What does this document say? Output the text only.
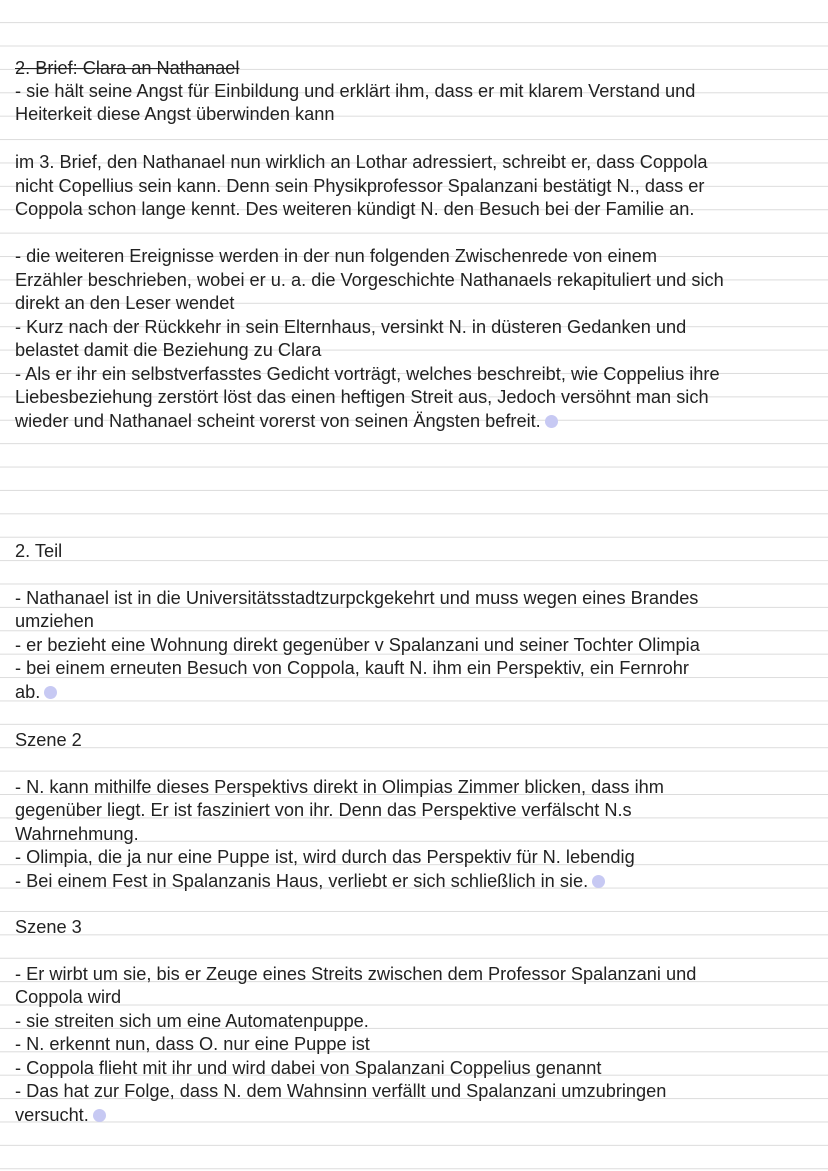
2. Brief: Clara an Nathanael
- sie hält seine Angst für Einbildung und erklärt ihm, dass er mit klarem Verstand und
Heiterkeit diese Angst überwinden kann
im 3. Brief, den Nathanael nun wirklich an Lothar adressiert, schreibt er, dass Coppola
nicht Copellius sein kann. Denn sein Physikprofessor Spalanzani bestätigt N., dass er
Coppola schon lange kennt. Des weiteren kündigt N. den Besuch bei der Familie an.
- die weiteren Ereignisse werden in der nun folgenden Zwischenrede von einem
Erzähler beschrieben, wobei er u. a. die Vorgeschichte Nathanaels rekapituliert und sich
direkt an den Leser wendet
- Kurz nach der Rückkehr in sein Elternhaus, versinkt N. in düsteren Gedanken und
belastet damit die Beziehung zu Clara
- Als er ihr ein selbstverfasstes Gedicht vorträgt, welches beschreibt, wie Coppelius ihre
Liebesbeziehung zerstört löst das einen heftigen Streit aus, Jedoch versöhnt man sich
wieder und Nathanael scheint vorerst von seinen Ängsten befreit.
2. Teil
- Nathanael ist in die Universitätsstadtzurpckgekehrt und muss wegen eines Brandes
umziehen
- er bezieht eine Wohnung direkt gegenüber v Spalanzani und seiner Tochter Olimpia
- bei einem erneuten Besuch von Coppola, kauft N. ihm ein Perspektiv, ein Fernrohr
ab.
Szene 2
- N. kann mithilfe dieses Perspektivs direkt in Olimpias Zimmer blicken, dass ihm
gegenüber liegt. Er ist fasziniert von ihr. Denn das Perspektive verfälscht N.s
Wahrnehmung.
- Olimpia, die ja nur eine Puppe ist, wird durch das Perspektiv für N. lebendig
- Bei einem Fest in Spalanzanis Haus, verliebt er sich schließlich in sie.
Szene 3
- Er wirbt um sie, bis er Zeuge eines Streits zwischen dem Professor Spalanzani und
Coppola wird
- sie streiten sich um eine Automatenpuppe.
- N. erkennt nun, dass O. nur eine Puppe ist
- Coppola flieht mit ihr und wird dabei von Spalanzani Coppelius genannt
- Das hat zur Folge, dass N. dem Wahnsinn verfällt und Spalanzani umzubringen
versucht.
